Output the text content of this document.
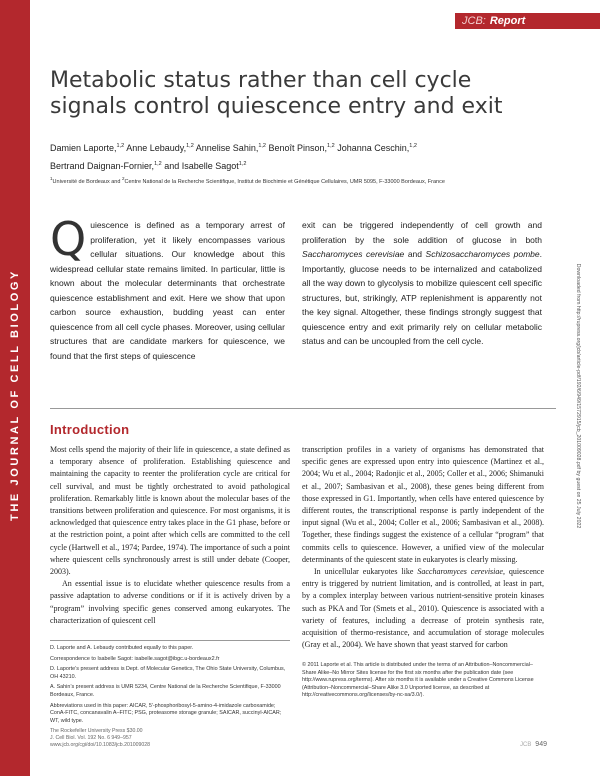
THE JOURNAL OF CELL BIOLOGY
JCB: Report
Metabolic status rather than cell cycle signals control quiescence entry and exit
Damien Laporte,$^{1,2}$ Anne Lebaudy,$^{1,2}$ Annelise Sahin,$^{1,2}$ Benoît Pinson,$^{1,2}$ Johanna Ceschin,$^{1,2}$
Bertrand Daignan-Fornier,$^{1,2}$ and Isabelle Sagot$^{1,2}$
$^1$Université de Bordeaux and $^2$Centre National de la Recherche Scientifique, Institut de Biochimie et Génétique Cellulaires, UMR 5095, F-33000 Bordeaux, France
Quiescence is defined as a temporary arrest of proliferation, yet it likely encompasses various cellular situations. Our knowledge about this widespread cellular state remains limited. In particular, little is known about the molecular determinants that orchestrate quiescence establishment and exit. Here we show that upon carbon source exhaustion, budding yeast can enter quiescence from all cell cycle phases. Moreover, using cellular structures that are candidate markers for quiescence, we found that the first steps of quiescence
exit can be triggered independently of cell growth and proliferation by the sole addition of glucose in both Saccharomyces cerevisiae and Schizosaccharomyces pombe. Importantly, glucose needs to be internalized and catabolized all the way down to glycolysis to mobilize quiescent cell specific structures, but, strikingly, ATP replenishment is apparently not the key signal. Altogether, these findings strongly suggest that quiescence entry and exit primarily rely on cellular metabolic status and can be uncoupled from the cell cycle.
Introduction

Most cells spend the majority of their life in quiescence, a state defined as a temporary absence of proliferation. Establishing quiescence and maintaining the capacity to reenter the proliferation cycle are critical for cell survival, and must be tightly orchestrated to avoid pathological proliferation. Remarkably little is known about the molecular bases of the transitions between proliferation and quiescence. For most organisms, it is acknowledged that quiescence entry takes place in the G1 phase, before or at the restriction point, a point after which cells are committed to the cell cycle (Hartwell et al., 1974; Pardee, 1974). The importance of such a point where quiescent cells synchronously arrest is still under debate (Cooper, 2003).

An essential issue is to elucidate whether quiescence results from a passive adaptation to adverse conditions or if it is actively driven by a “program” involving specific genes conserved among eukaryotes. The characterization of quiescent cell

transcription profiles in a variety of organisms has demonstrated that specific genes are expressed upon entry into quiescence (Martinez et al., 2004; Wu et al., 2004; Radonjic et al., 2005; Coller et al., 2006; Shimanuki et al., 2007; Sambasivan et al., 2008), these genes being different from those expressed in G1. Importantly, when cells have entered quiescence by different routes, the transcriptional response is partly independent of the input signal (Wu et al., 2004; Coller et al., 2006; Sambasivan et al., 2008). Together, these findings suggest the existence of a cellular “program” that commits cells to quiescence. However, a unified view of the molecular determinants of the quiescent state in eukaryotes is clearly missing.

In unicellular eukaryotes like Saccharomyces cerevisiae, quiescence entry is triggered by nutrient limitation, and is controlled, at least in part, by a complex interplay between various nutrient-sensitive protein kinases such as PKA and Tor (Smets et al., 2010). Quiescence is associated with a variety of features, including a decrease of protein synthesis rate, acquisition of thermo-resistance, and accumulation of storage molecules (Gray et al., 2004). We have shown that yeast starved for carbon

D. Laporte and A. Lebaudy contributed equally to this paper.

Correspondence to Isabelle Sagot: isabelle.sagot@ibgc.u-bordeaux2.fr

D. Laporte’s present address is Dept. of Molecular Genetics, The Ohio State University, Columbus, OH 43210.

A. Sahin’s present address is UMR 5234, Centre National de la Recherche Scientifique, F-33000 Bordeaux, France.

Abbreviations used in this paper: AICAR, 5′-phosphoribosyl-5-amino-4-imidazole carboxamide; ConA-FITC, concanavalin A–FITC; PSG, proteasome storage granule; SAICAR, succinyl-AICAR; WT, wild type.

© 2011 Laporte et al. This article is distributed under the terms of an Attribution–Noncommercial–Share Alike–No Mirror Sites license for the first six months after the publication date (see http://www.rupress.org/terms). After six months it is available under a Creative Commons License (Attribution–Noncommercial–Share Alike 3.0 Unported license, as described at http://creativecommons.org/licenses/by-nc-sa/3.0/).
The Rockefeller University Press $30.00
J. Cell Biol. Vol. 192 No. 6 949–957
www.jcb.org/cgi/doi/10.1083/jcb.201009028	JCB 949
Downloaded from http://rupress.org/jcb/article-pdf/192/6/949/1572915/jcb_201009028.pdf by guest on 25 July 2022
